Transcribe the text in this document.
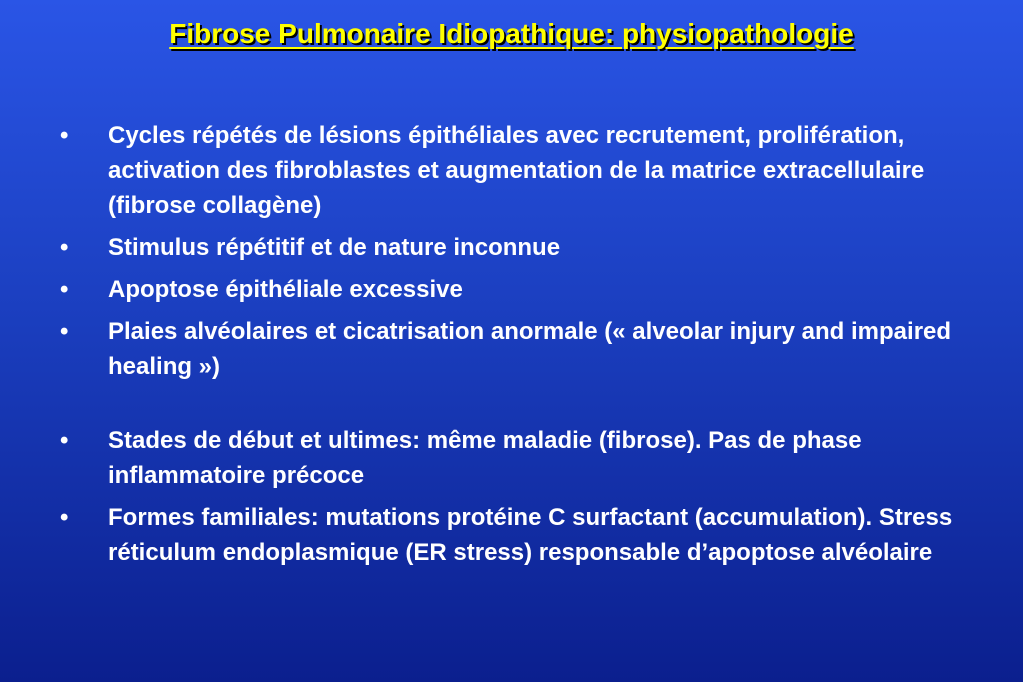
Fibrose Pulmonaire Idiopathique: physiopathologie
•	Cycles répétés de lésions épithéliales avec recrutement, prolifération, activation des fibroblastes et augmentation de la matrice extracellulaire (fibrose collagène)
•	Stimulus répétitif et de nature inconnue
•	Apoptose épithéliale excessive
•	Plaies alvéolaires et cicatrisation anormale (« alveolar injury and impaired healing »)
•	Stades de début et ultimes: même maladie (fibrose). Pas de phase inflammatoire précoce
•	Formes familiales: mutations protéine C surfactant (accumulation). Stress réticulum endoplasmique (ER stress) responsable d’apoptose alvéolaire
